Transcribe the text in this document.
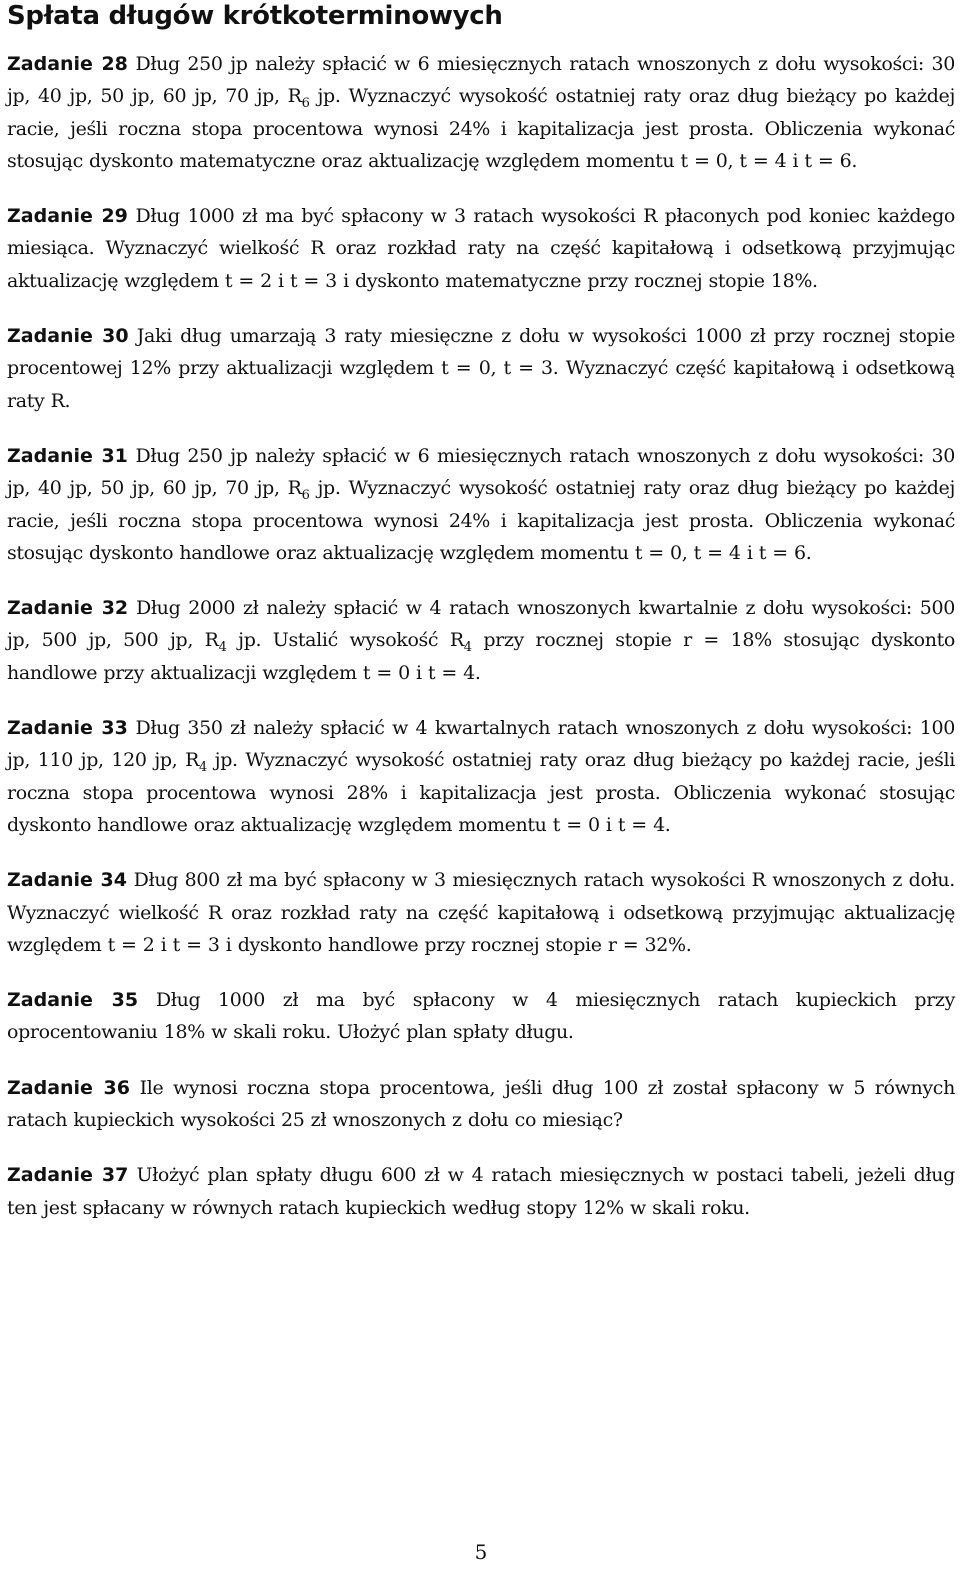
Spłata długów krótkoterminowych

Zadanie 28 Dług 250 jp należy spłacić w 6 miesięcznych ratach wnoszonych z dołu wysokości: 30 jp, 40 jp, 50 jp, 60 jp, 70 jp, $R_6$ jp. Wyznaczyć wysokość ostatniej raty oraz dług bieżący po każdej racie, jeśli roczna stopa procentowa wynosi 24% i kapitalizacja jest prosta. Obliczenia wykonać stosując dyskonto matematyczne oraz aktualizację względem momentu t = 0, t = 4 i t = 6.

Zadanie 29 Dług 1000 zł ma być spłacony w 3 ratach wysokości R płaconych pod koniec każdego miesiąca. Wyznaczyć wielkość R oraz rozkład raty na część kapitałową i odsetkową przyjmując aktualizację względem t = 2 i t = 3 i dyskonto matematyczne przy rocznej stopie 18%.

Zadanie 30 Jaki dług umarzają 3 raty miesięczne z dołu w wysokości 1000 zł przy rocznej stopie procentowej 12% przy aktualizacji względem t = 0, t = 3. Wyznaczyć część kapitałową i odsetkową raty R.

Zadanie 31 Dług 250 jp należy spłacić w 6 miesięcznych ratach wnoszonych z dołu wysokości: 30 jp, 40 jp, 50 jp, 60 jp, 70 jp, $R_6$ jp. Wyznaczyć wysokość ostatniej raty oraz dług bieżący po każdej racie, jeśli roczna stopa procentowa wynosi 24% i kapitalizacja jest prosta. Obliczenia wykonać stosując dyskonto handlowe oraz aktualizację względem momentu t = 0, t = 4 i t = 6.

Zadanie 32 Dług 2000 zł należy spłacić w 4 ratach wnoszonych kwartalnie z dołu wysokości: 500 jp, 500 jp, 500 jp, $R_4$ jp. Ustalić wysokość $R_4$ przy rocznej stopie r = 18% stosując dyskonto handlowe przy aktualizacji względem t = 0 i t = 4.

Zadanie 33 Dług 350 zł należy spłacić w 4 kwartalnych ratach wnoszonych z dołu wysokości: 100 jp, 110 jp, 120 jp, $R_4$ jp. Wyznaczyć wysokość ostatniej raty oraz dług bieżący po każdej racie, jeśli roczna stopa procentowa wynosi 28% i kapitalizacja jest prosta. Obliczenia wykonać stosując dyskonto handlowe oraz aktualizację względem momentu t = 0 i t = 4.

Zadanie 34 Dług 800 zł ma być spłacony w 3 miesięcznych ratach wysokości R wnoszonych z dołu. Wyznaczyć wielkość R oraz rozkład raty na część kapitałową i odsetkową przyjmując aktualizację względem t = 2 i t = 3 i dyskonto handlowe przy rocznej stopie r = 32%.

Zadanie 35 Dług 1000 zł ma być spłacony w 4 miesięcznych ratach kupieckich przy oprocentowaniu 18% w skali roku. Ułożyć plan spłaty długu.

Zadanie 36 Ile wynosi roczna stopa procentowa, jeśli dług 100 zł został spłacony w 5 równych ratach kupieckich wysokości 25 zł wnoszonych z dołu co miesiąc?

Zadanie 37 Ułożyć plan spłaty długu 600 zł w 4 ratach miesięcznych w postaci tabeli, jeżeli dług ten jest spłacany w równych ratach kupieckich według stopy 12% w skali roku.

5
